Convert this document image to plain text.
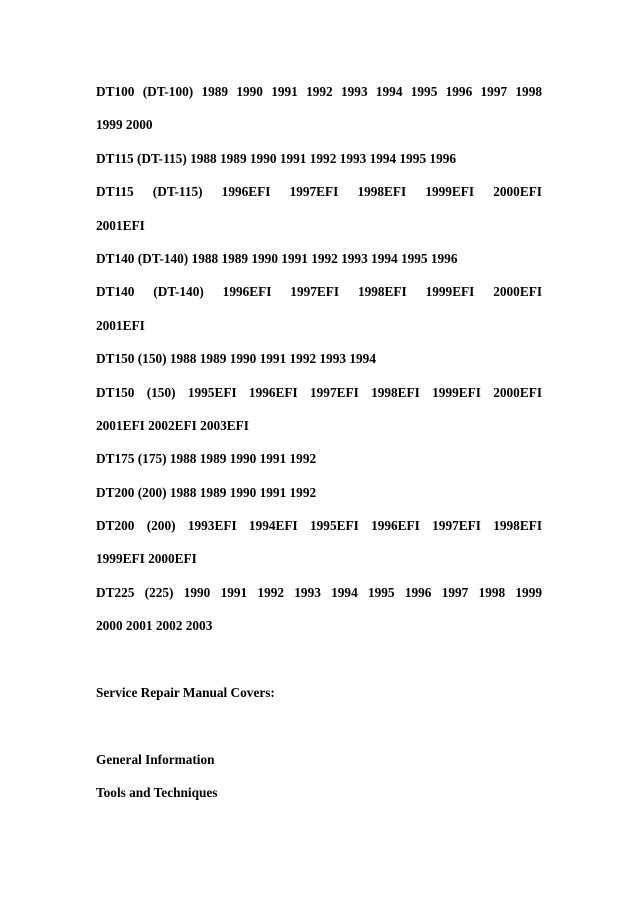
DT100 (DT-100) 1989 1990 1991 1992 1993 1994 1995 1996 1997 1998
1999 2000
DT115 (DT-115) 1988 1989 1990 1991 1992 1993 1994 1995 1996
DT115 (DT-115) 1996EFI 1997EFI 1998EFI 1999EFI 2000EFI
2001EFI
DT140 (DT-140) 1988 1989 1990 1991 1992 1993 1994 1995 1996
DT140 (DT-140) 1996EFI 1997EFI 1998EFI 1999EFI 2000EFI
2001EFI
DT150 (150) 1988 1989 1990 1991 1992 1993 1994
DT150 (150) 1995EFI 1996EFI 1997EFI 1998EFI 1999EFI 2000EFI
2001EFI 2002EFI 2003EFI
DT175 (175) 1988 1989 1990 1991 1992
DT200 (200) 1988 1989 1990 1991 1992
DT200 (200) 1993EFI 1994EFI 1995EFI 1996EFI 1997EFI 1998EFI
1999EFI 2000EFI
DT225 (225) 1990 1991 1992 1993 1994 1995 1996 1997 1998 1999
2000 2001 2002 2003
Service Repair Manual Covers:
General Information
Tools and Techniques
